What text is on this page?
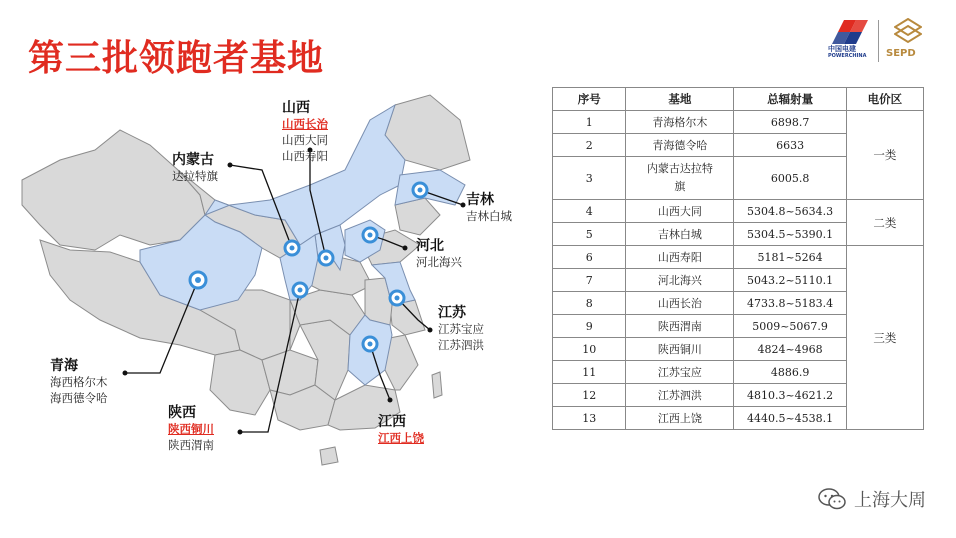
第三批领跑者基地	中国电建
POWERCHINA SEPD
山西
山西长治
山西大同
山西寿阳
内蒙古
达拉特旗
吉林
吉林白城
河北
河北海兴
江苏
江苏宝应
江苏泗洪
青海
海西格尔木
海西德令哈
陕西
陕西铜川
陕西渭南
江西
江西上饶
序号	基地	总辐射量	电价区
1	青海格尔木	6898.7	一类
2	青海德令哈	6633	
3	内蒙古达拉特旗	6005.8	
4	山西大同	5304.8~5634.3	二类
5	吉林白城	5304.5~5390.1	
6	山西寿阳	5181~5264	三类
7	河北海兴	5043.2~5110.1	
8	山西长治	4733.8~5183.4	
9	陕西渭南	5009~5067.9	
10	陕西铜川	4824~4968	
11	江苏宝应	4886.9	
12	江苏泗洪	4810.3~4621.2	
13	江西上饶	4440.5~4538.1	
上海大周
